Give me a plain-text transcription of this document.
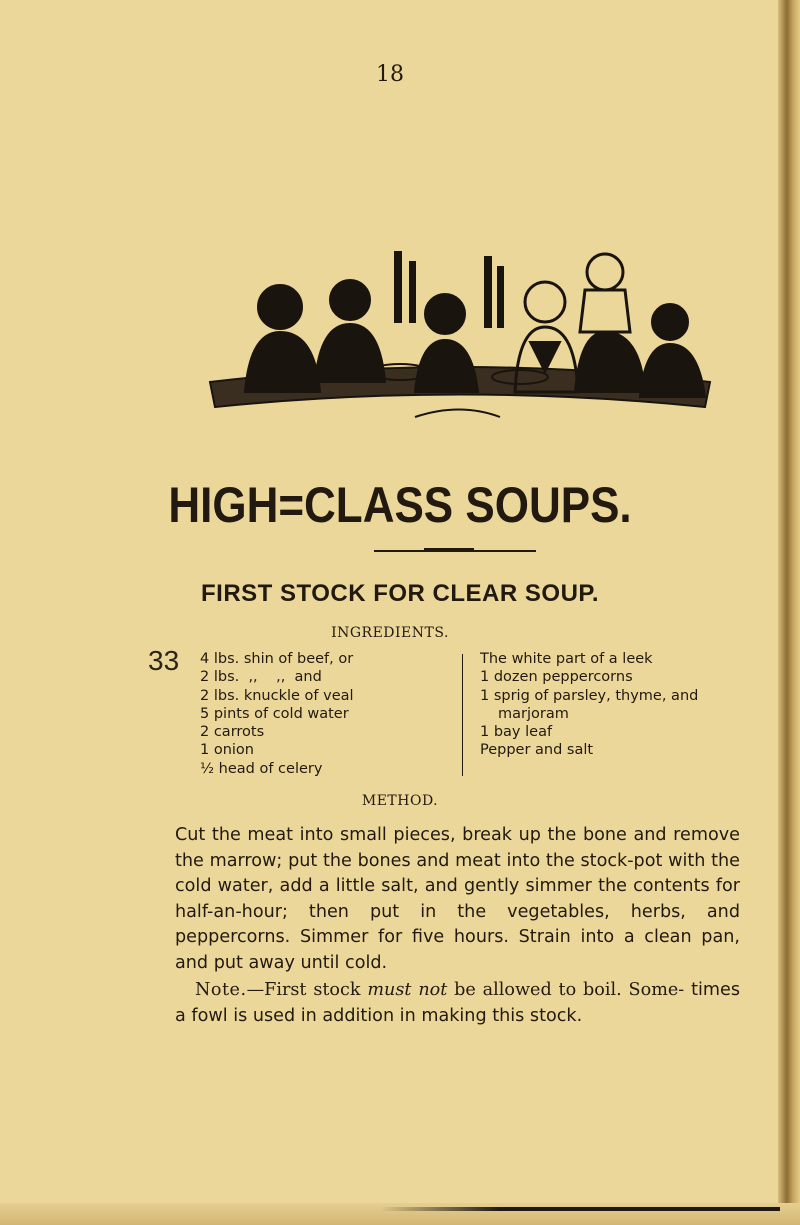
18
HIGH=CLASS SOUPS.
FIRST STOCK FOR CLEAR SOUP.
33
INGREDIENTS.
4 lbs. shin of beef, or
2 lbs.  ,,    ,,  and
2 lbs. knuckle of veal
5 pints of cold water
2 carrots
1 onion
½ head of celery
The white part of a leek
1 dozen peppercorns
1 sprig of parsley, thyme, and
marjoram
1 bay leaf
Pepper and salt
METHOD.

Cut the meat into small pieces, break up the bone and remove the marrow; put the bones and meat into the stock-pot with the cold water, add a little salt, and gently simmer the contents for half-an-hour; then put in the vegetables, herbs, and peppercorns. Simmer for five hours. Strain into a clean pan, and put away until cold.

Note.—First stock must not be allowed to boil. Some- times a fowl is used in addition in making this stock.
